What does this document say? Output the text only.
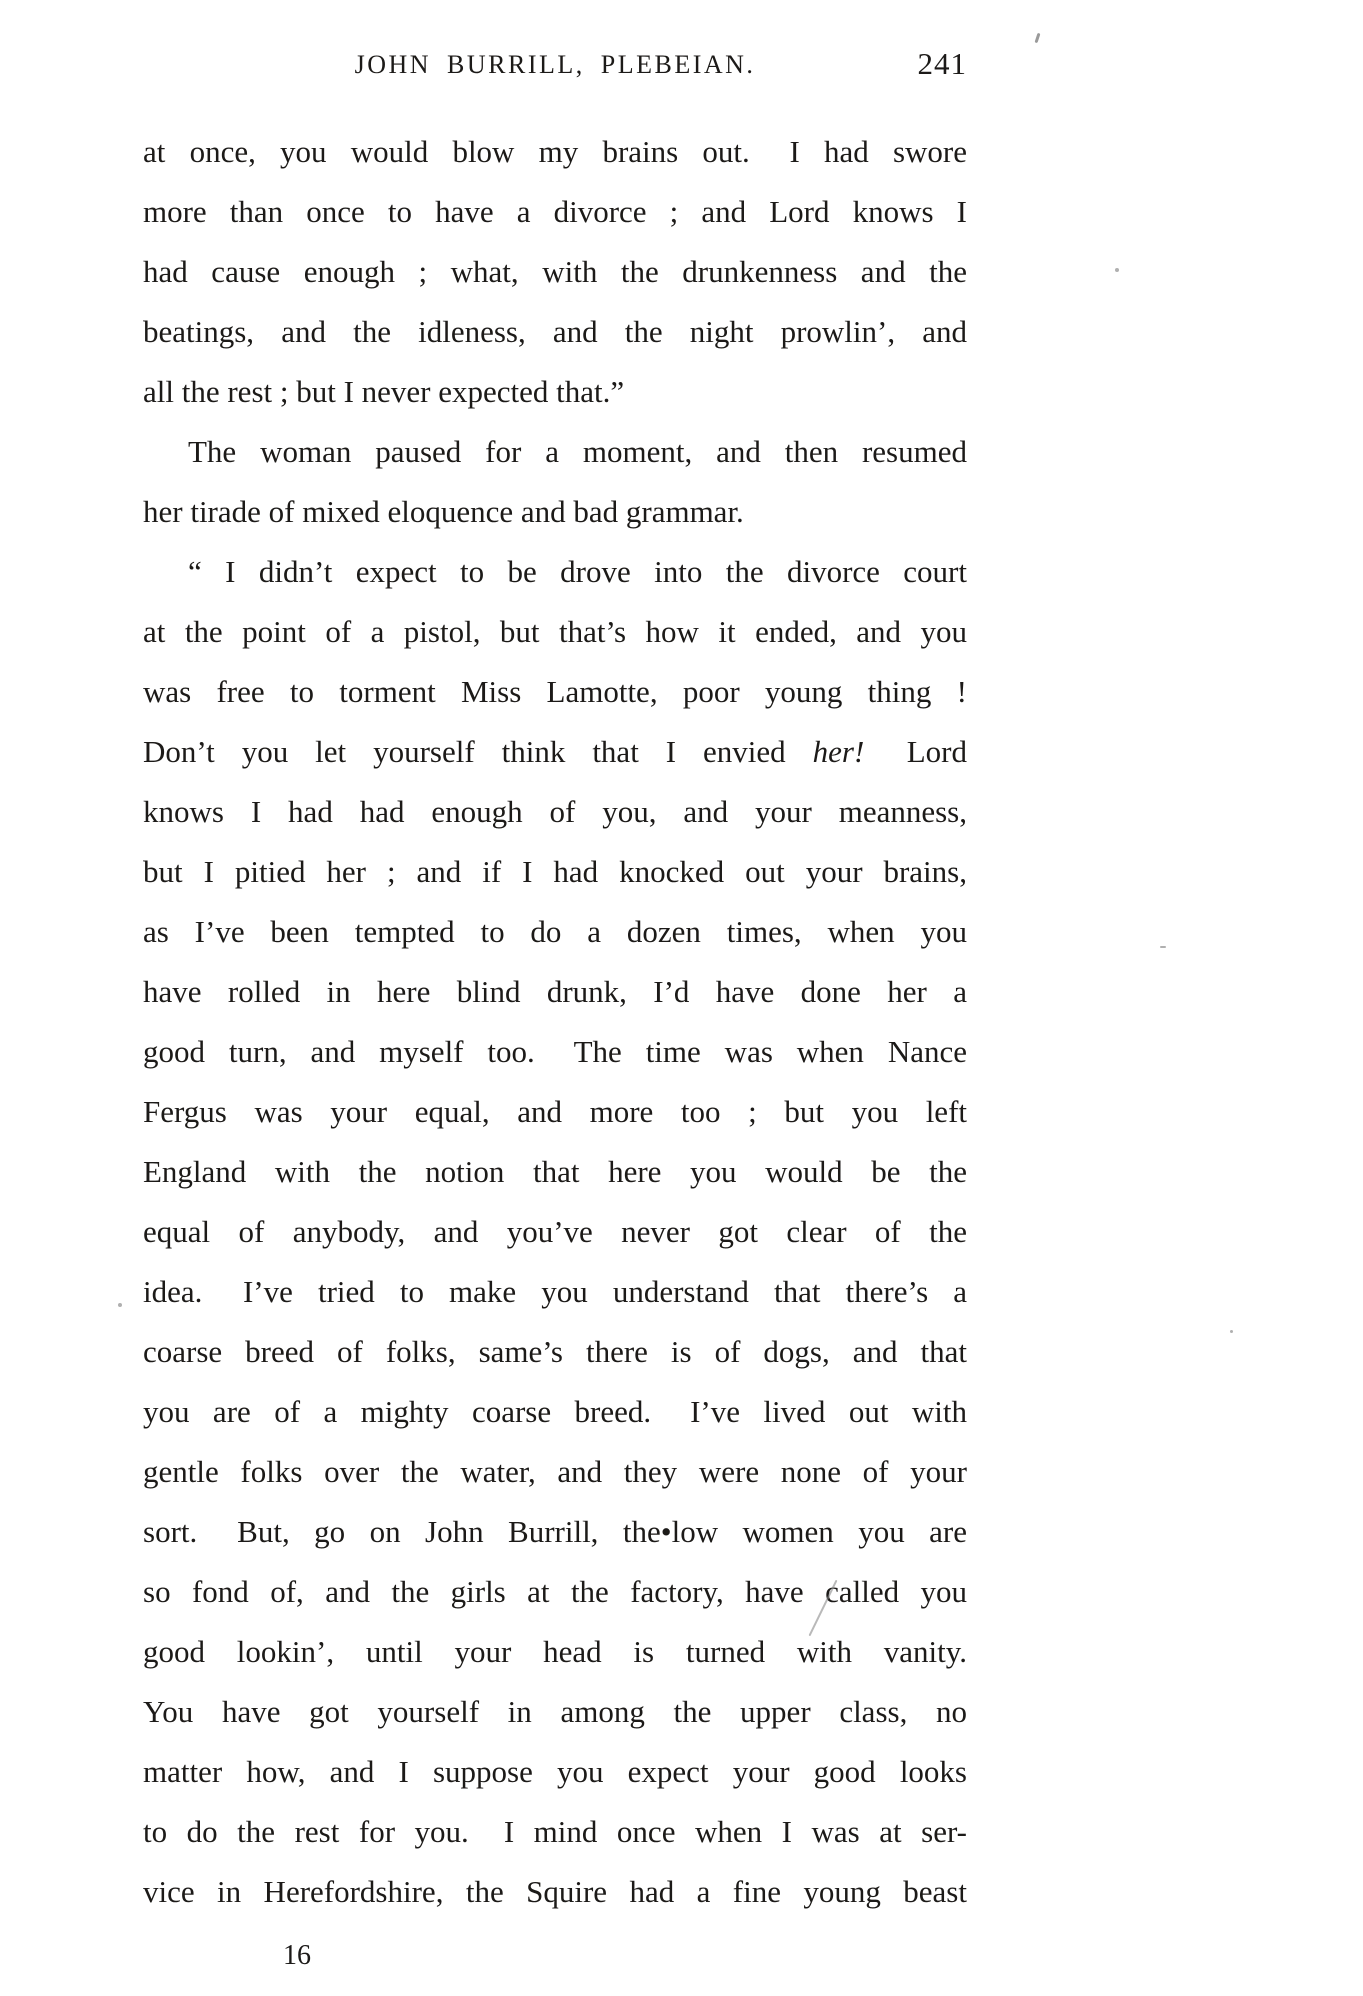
JOHN BURRILL, PLEBEIAN.	241
at once, you would blow my brains out.  I had swore
more than once to have a divorce ; and Lord knows I
had cause enough ; what, with the drunkenness and the
beatings, and the idleness, and the night prowlin’, and
all the rest ; but I never expected that.”
The woman paused for a moment, and then resumed
her tirade of mixed eloquence and bad grammar.
“ I didn’t expect to be drove into the divorce court
at the point of a pistol, but that’s how it ended, and you
was free to torment Miss Lamotte, poor young thing !
Don’t you let yourself think that I envied her!  Lord
knows I had had enough of you, and your meanness,
but I pitied her ; and if I had knocked out your brains,
as I’ve been tempted to do a dozen times, when you
have rolled in here blind drunk, I’d have done her a
good turn, and myself too.  The time was when Nance
Fergus was your equal, and more too ; but you left
England with the notion that here you would be the
equal of anybody, and you’ve never got clear of the
idea.  I’ve tried to make you understand that there’s a
coarse breed of folks, same’s there is of dogs, and that
you are of a mighty coarse breed.  I’ve lived out with
gentle folks over the water, and they were none of your
sort.  But, go on John Burrill, the•low women you are
so fond of, and the girls at the factory, have called you
good lookin’, until your head is turned with vanity.
You have got yourself in among the upper class, no
matter how, and I suppose you expect your good looks
to do the rest for you.  I mind once when I was at ser-
vice in Herefordshire, the Squire had a fine young beast
16
